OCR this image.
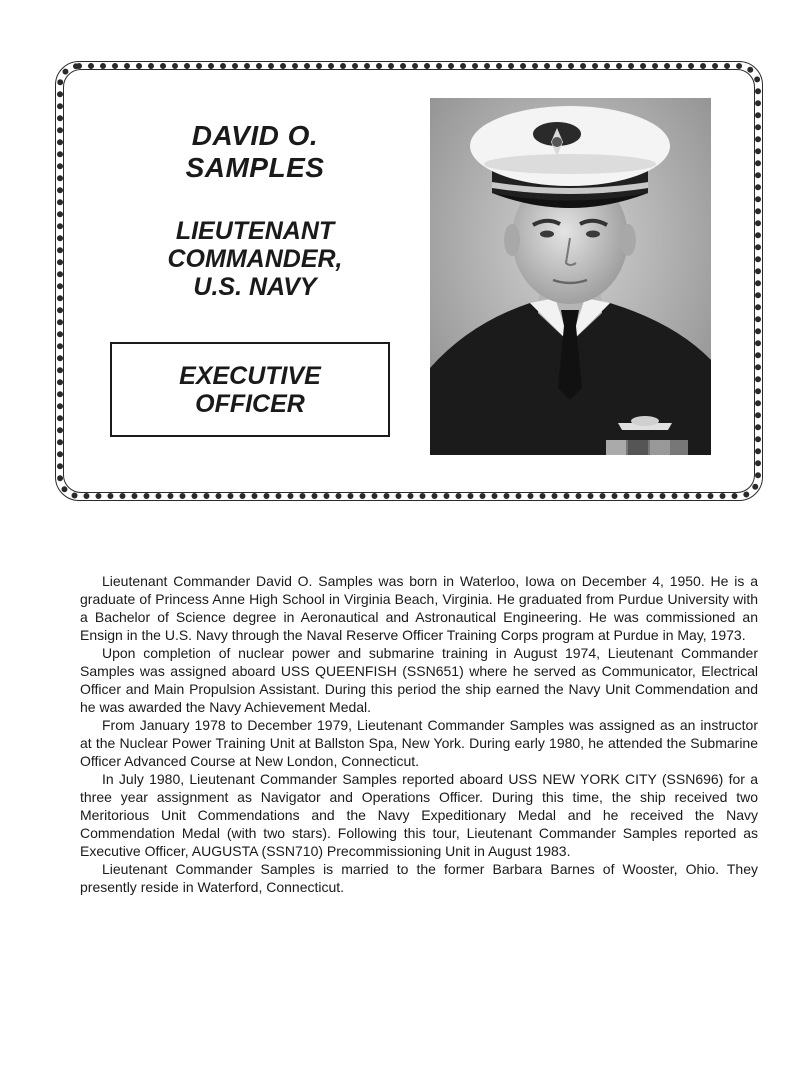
DAVID O.
SAMPLES
LIEUTENANT
COMMANDER,
U.S. NAVY
EXECUTIVE
OFFICER

Lieutenant Commander David O. Samples was born in Waterloo, Iowa on December 4, 1950. He is a graduate of Princess Anne High School in Virginia Beach, Virginia. He graduated from Purdue University with a Bachelor of Science degree in Aeronautical and Astronautical Engineering. He was commissioned an Ensign in the U.S. Navy through the Naval Reserve Officer Training Corps program at Purdue in May, 1973.

Upon completion of nuclear power and submarine training in August 1974, Lieutenant Commander Samples was assigned aboard USS QUEENFISH (SSN651) where he served as Communicator, Electrical Officer and Main Propulsion Assistant. During this period the ship earned the Navy Unit Commendation and he was awarded the Navy Achievement Medal.

From January 1978 to December 1979, Lieutenant Commander Samples was assigned as an instructor at the Nuclear Power Training Unit at Ballston Spa, New York. During early 1980, he attended the Submarine Officer Advanced Course at New London, Connecticut.

In July 1980, Lieutenant Commander Samples reported aboard USS NEW YORK CITY (SSN696) for a three year assignment as Navigator and Operations Officer. During this time, the ship received two Meritorious Unit Commendations and the Navy Expeditionary Medal and he received the Navy Commendation Medal (with two stars). Following this tour, Lieutenant Commander Samples reported as Executive Officer, AUGUSTA (SSN710) Precommissioning Unit in August 1983.

Lieutenant Commander Samples is married to the former Barbara Barnes of Wooster, Ohio. They presently reside in Waterford, Connecticut.
